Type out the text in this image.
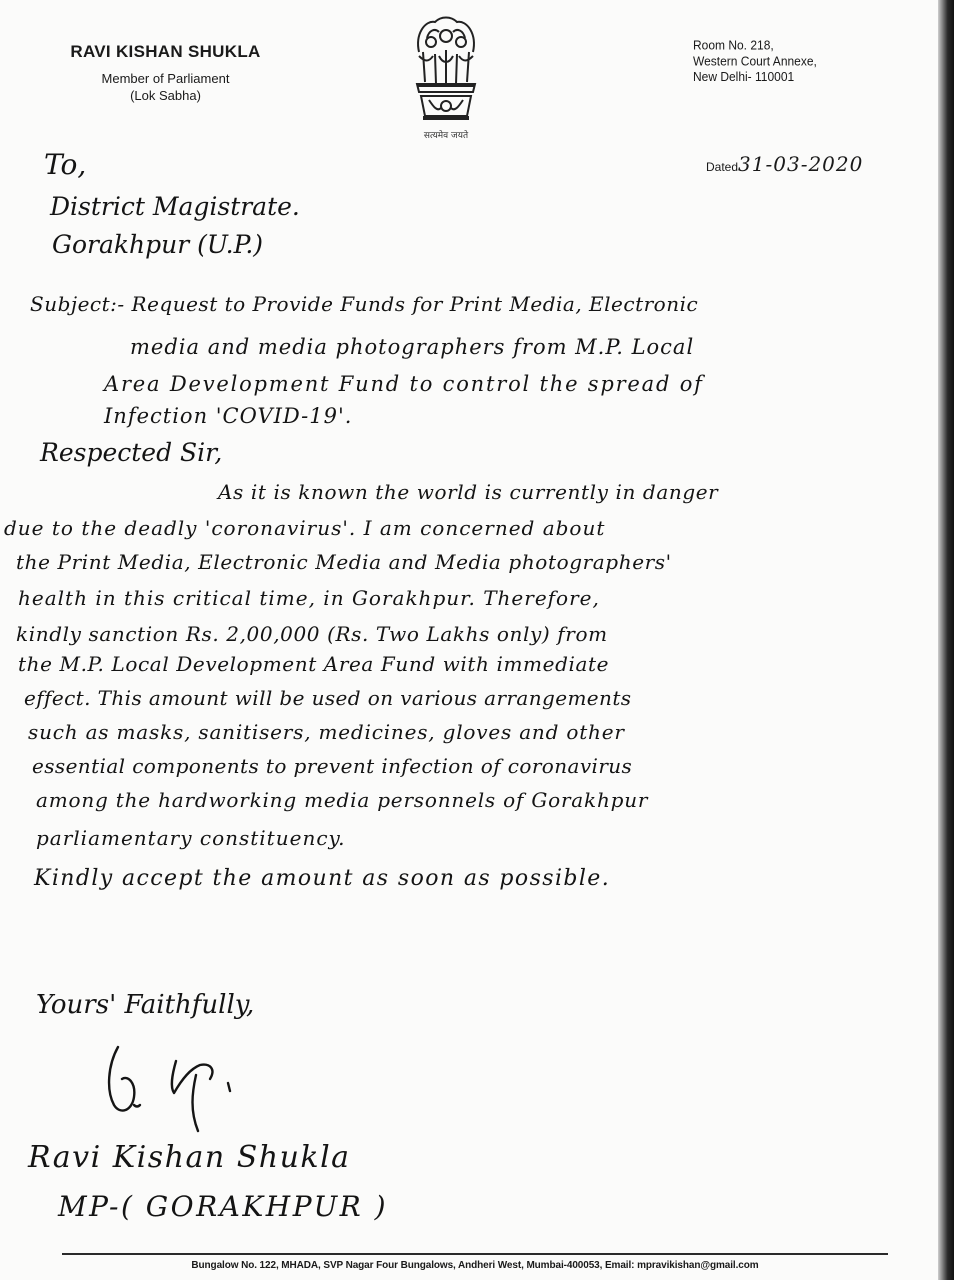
RAVI KISHAN SHUKLA
Member of Parliament
(Lok Sabha)
सत्यमेव जयते
Room No. 218,
Western Court Annexe,
New Delhi- 110001
Dated31-03-2020

To,

District Magistrate.

Gorakhpur (U.P.)

Subject:- Request to Provide Funds for Print Media, Electronic

media and media photographers from M.P. Local

Area Development Fund to control the spread of

Infection 'COVID-19'.

Respected Sir,

As it is known the world is currently in danger

due to the deadly 'coronavirus'. I am concerned about

the Print Media, Electronic Media and Media photographers'

health in this critical time, in Gorakhpur. Therefore,

kindly sanction Rs. 2,00,000 (Rs. Two Lakhs only) from

the M.P. Local Development Area Fund with immediate

effect. This amount will be used on various arrangements

such as masks, sanitisers, medicines, gloves and other

essential components to prevent infection of coronavirus

among the hardworking media personnels of Gorakhpur

parliamentary constituency.

Kindly accept the amount as soon as possible.

Yours' Faithfully,

Ravi Kishan Shukla

MP-( GORAKHPUR )

Bungalow No. 122, MHADA, SVP Nagar Four Bungalows, Andheri West, Mumbai-400053, Email: mpravikishan@gmail.com
